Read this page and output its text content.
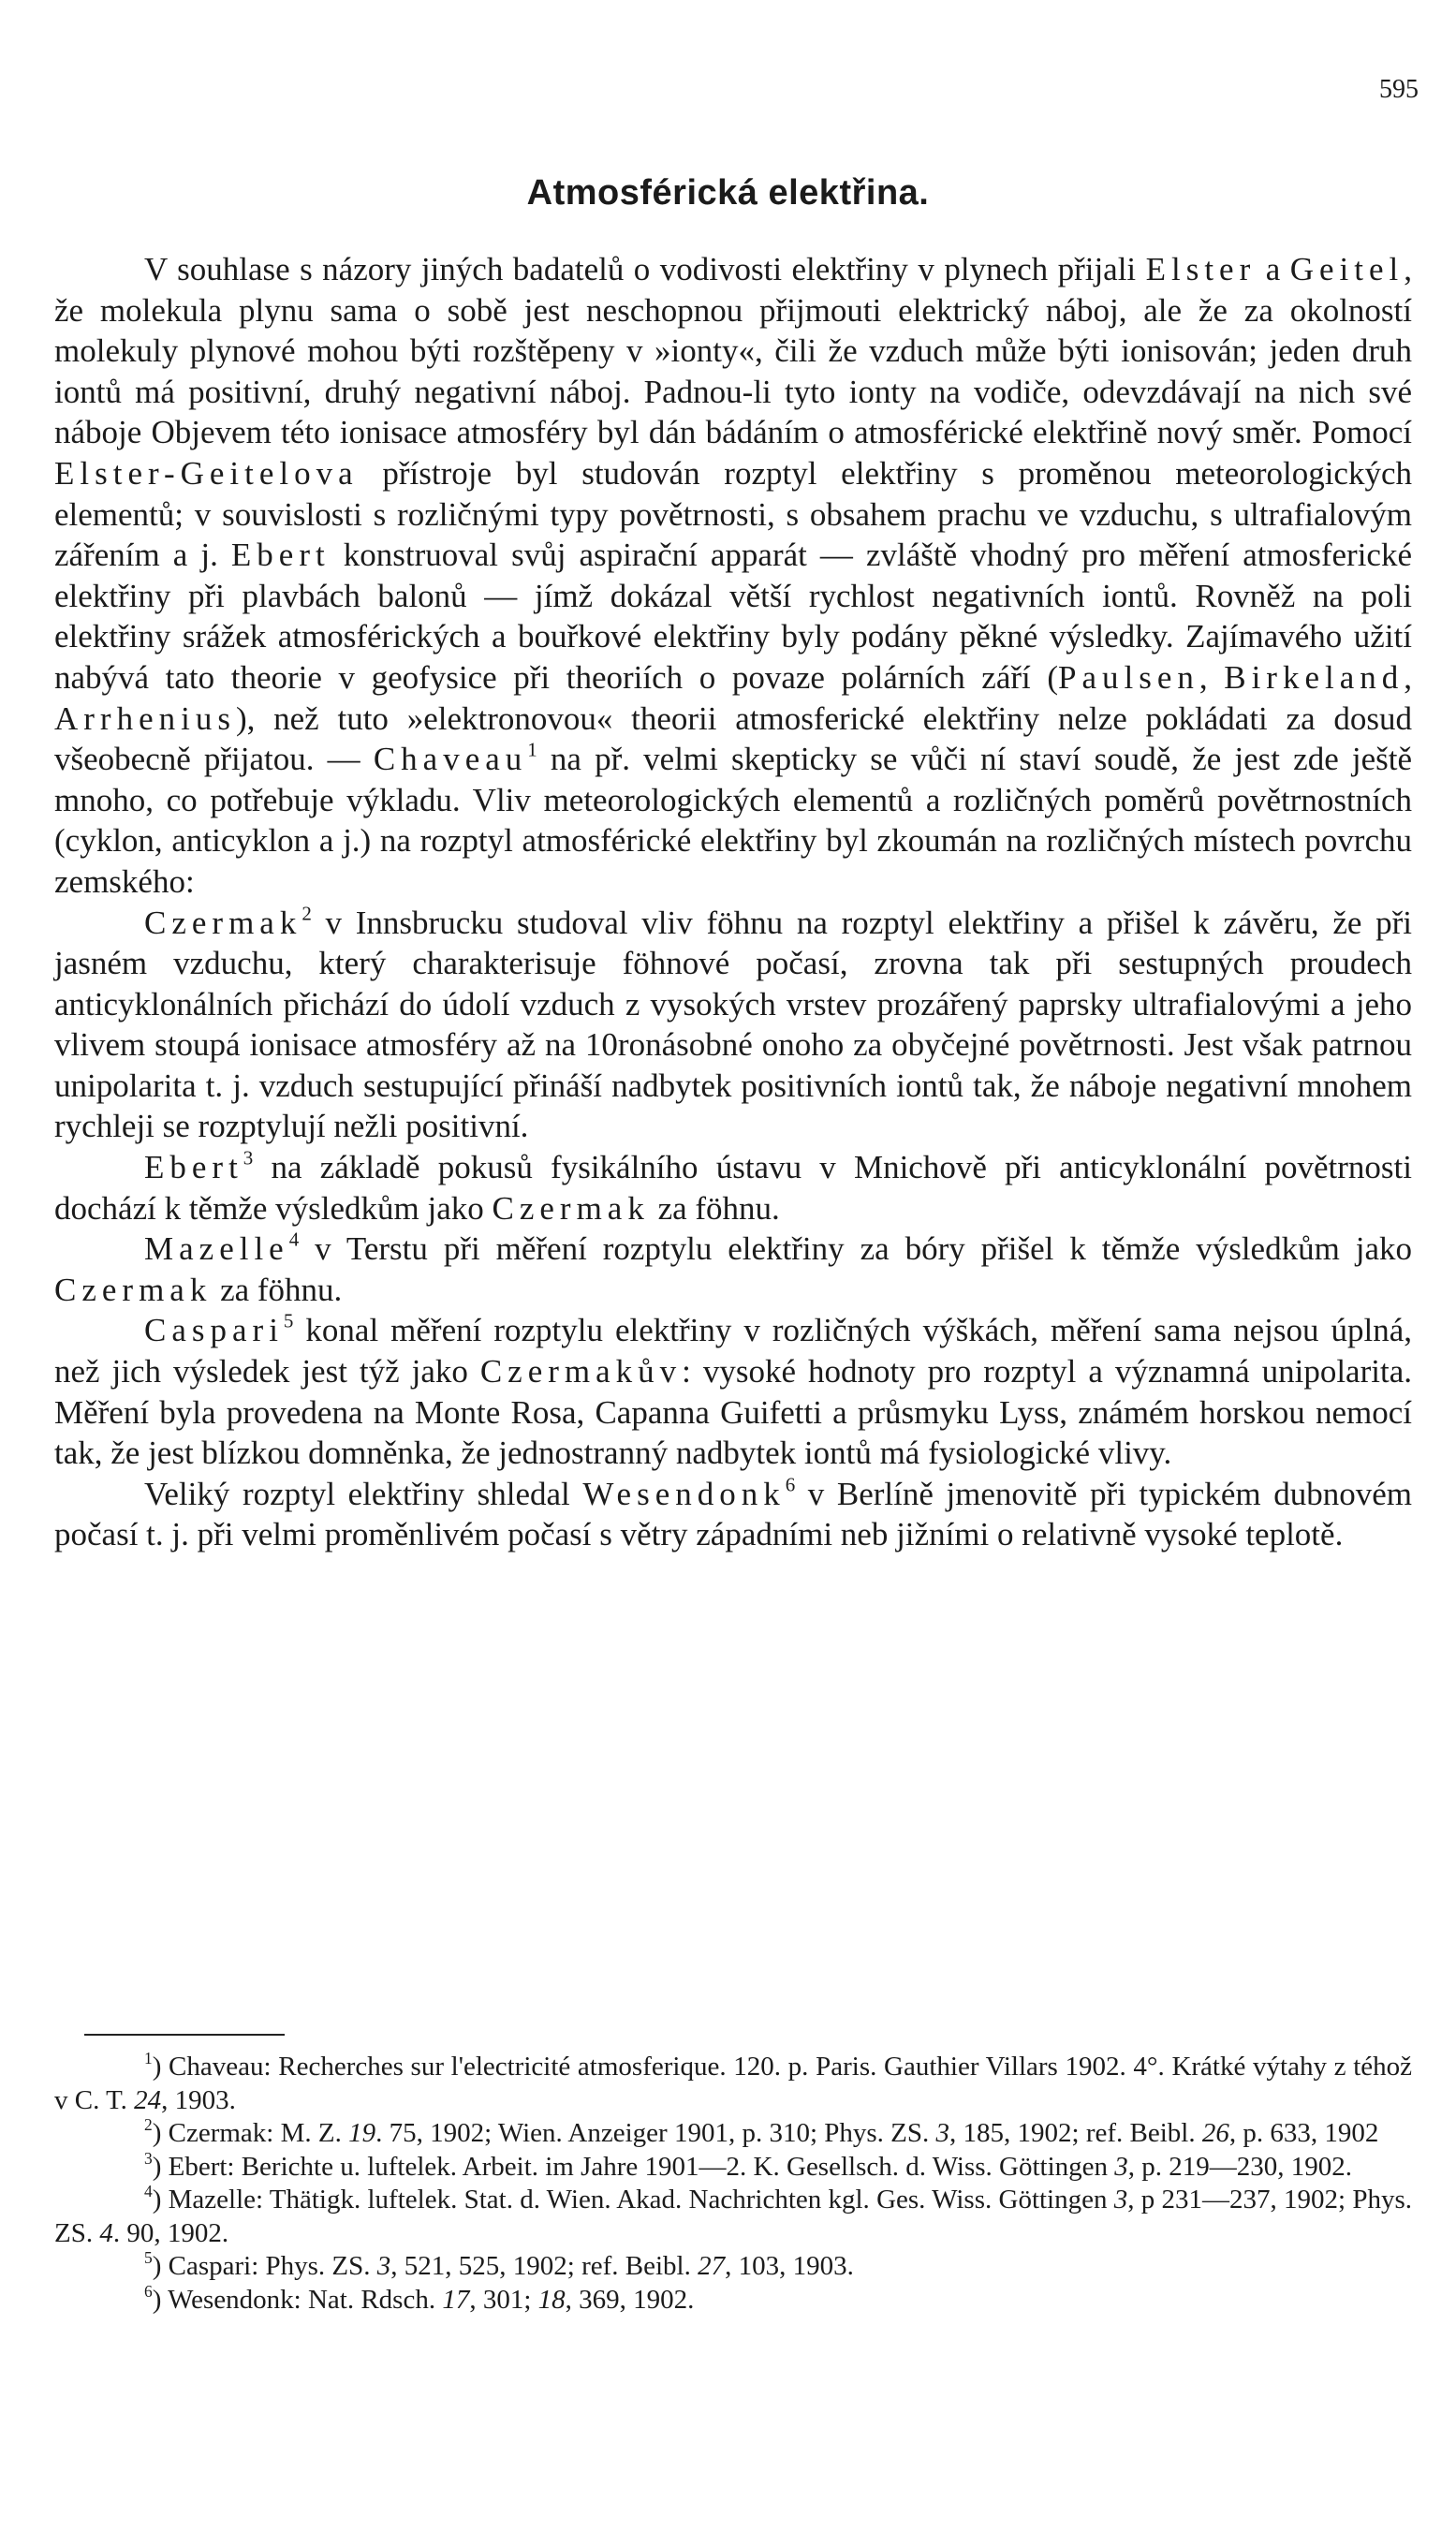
595
Atmosférická elektřina.

V souhlase s názory jiných badatelů o vodivosti elektřiny v plynech přijali Elster a Geitel, že molekula plynu sama o sobě jest neschopnou přijmouti elektrický náboj, ale že za okolností molekuly plynové mohou býti rozštěpeny v »ionty«, čili že vzduch může býti ionisován; jeden druh iontů má positivní, druhý negativní náboj. Padnou-li tyto ionty na vodiče, odevzdávají na nich své náboje Objevem této ionisace atmosféry byl dán bádáním o atmosférické elektřině nový směr. Pomocí Elster-Geitelova přístroje byl studován rozptyl elektřiny s proměnou meteorologických elementů; v souvislosti s rozličnými typy povětrnosti, s obsahem prachu ve vzduchu, s ultrafialovým zářením a j. Ebert konstruoval svůj aspirační apparát — zvláště vhodný pro měření atmosferické elektřiny při plavbách balonů — jímž dokázal větší rychlost negativních iontů. Rovněž na poli elektřiny srážek atmosférických a bouřkové elektřiny byly podány pěkné výsledky. Zajímavého užití nabývá tato theorie v geofysice při theoriích o povaze polárních září (Paulsen, Birkeland, Arrhenius), než tuto »elektronovou« theorii atmosferické elektřiny nelze pokládati za dosud všeobecně přijatou. — Chaveau$^1$ na př. velmi skepticky se vůči ní staví soudě, že jest zde ještě mnoho, co potřebuje výkladu. Vliv meteorologických elementů a rozličných poměrů povětrnostních (cyklon, anticyklon a j.) na rozptyl atmosférické elektřiny byl zkoumán na rozličných místech povrchu zemského:

Czermak$^2$ v Innsbrucku studoval vliv föhnu na rozptyl elektřiny a přišel k závěru, že při jasném vzduchu, který charakterisuje föhnové počasí, zrovna tak při sestupných proudech anticyklonálních přichází do údolí vzduch z vysokých vrstev prozářený paprsky ultrafialovými a jeho vlivem stoupá ionisace atmosféry až na 10ronásobné onoho za obyčejné povětrnosti. Jest však patrnou unipolarita t. j. vzduch sestupující přináší nadbytek positivních iontů tak, že náboje negativní mnohem rychleji se rozptylují nežli positivní.

Ebert$^3$ na základě pokusů fysikálního ústavu v Mnichově při anticyklonální povětrnosti dochází k těmže výsledkům jako Czermak za föhnu.

Mazelle$^4$ v Terstu při měření rozptylu elektřiny za bóry přišel k těmže výsledkům jako Czermak za föhnu.

Caspari$^5$ konal měření rozptylu elektřiny v rozličných výškách, měření sama nejsou úplná, než jich výsledek jest týž jako Czermakův: vysoké hodnoty pro rozptyl a významná unipolarita. Měření byla provedena na Monte Rosa, Capanna Guifetti a průsmyku Lyss, známém horskou nemocí tak, že jest blízkou domněnka, že jednostranný nadbytek iontů má fysiologické vlivy.

Veliký rozptyl elektřiny shledal Wesendonk$^6$ v Berlíně jmenovitě při typickém dubnovém počasí t. j. při velmi proměnlivém počasí s větry západními neb jižními o relativně vysoké teplotě.

$^1$) Chaveau: Recherches sur l'electricité atmosferique. 120. p. Paris. Gauthier Villars 1902. 4°. Krátké výtahy z téhož v C. T. 24, 1903.

$^2$) Czermak: M. Z. 19. 75, 1902; Wien. Anzeiger 1901, p. 310; Phys. ZS. 3, 185, 1902; ref. Beibl. 26, p. 633, 1902

$^3$) Ebert: Berichte u. luftelek. Arbeit. im Jahre 1901—2. K. Gesellsch. d. Wiss. Göttingen 3, p. 219—230, 1902.

$^4$) Mazelle: Thätigk. luftelek. Stat. d. Wien. Akad. Nachrichten kgl. Ges. Wiss. Göttingen 3, p 231—237, 1902; Phys. ZS. 4. 90, 1902.

$^5$) Caspari: Phys. ZS. 3, 521, 525, 1902; ref. Beibl. 27, 103, 1903.

$^6$) Wesendonk: Nat. Rdsch. 17, 301; 18, 369, 1902.
